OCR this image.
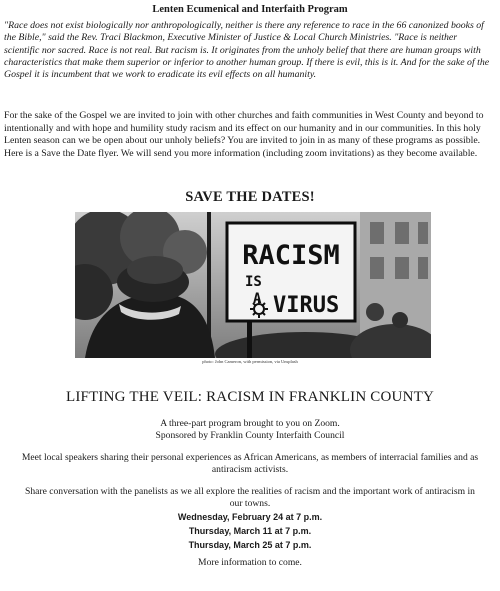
Lenten Ecumenical and Interfaith Program
"Race does not exist biologically nor anthropologically, neither is there any reference to race in the 66 canonized books of the Bible," said the Rev. Traci Blackmon, Executive Minister of Justice & Local Church Ministries. "Race is neither scientific nor sacred. Race is not real. But racism is. It originates from the unholy belief that there are human groups with characteristics that make them superior or inferior to another human group. If there is evil, this is it. And for the sake of the Gospel it is incumbent that we work to eradicate its evil effects on all humanity.
For the sake of the Gospel we are invited to join with other churches and faith communities in West County and beyond to intentionally and with hope and humility study racism and its effect on our humanity and in our communities. In this holy Lenten season can we be open about our unholy beliefs? You are invited to join in as many of these programs as possible. Here is a Save the Date flyer. We will send you more information (including zoom invitations) as they become available.
SAVE THE DATES!
RACISM
IS
A VIRUS
photo: John Cameron, with permission, via Unsplash
LIFTING THE VEIL: RACISM IN FRANKLIN COUNTY

A three-part program brought to you on Zoom.

Sponsored by Franklin County Interfaith Council

Meet local speakers sharing their personal experiences as African Americans, as members of interracial families and as antiracism activists.

Share conversation with the panelists as we all explore the realities of racism and the important work of antiracism in our towns.

Wednesday, February 24 at 7 p.m.
Thursday, March 11 at 7 p.m.
Thursday, March 25 at 7 p.m.

More information to come.
